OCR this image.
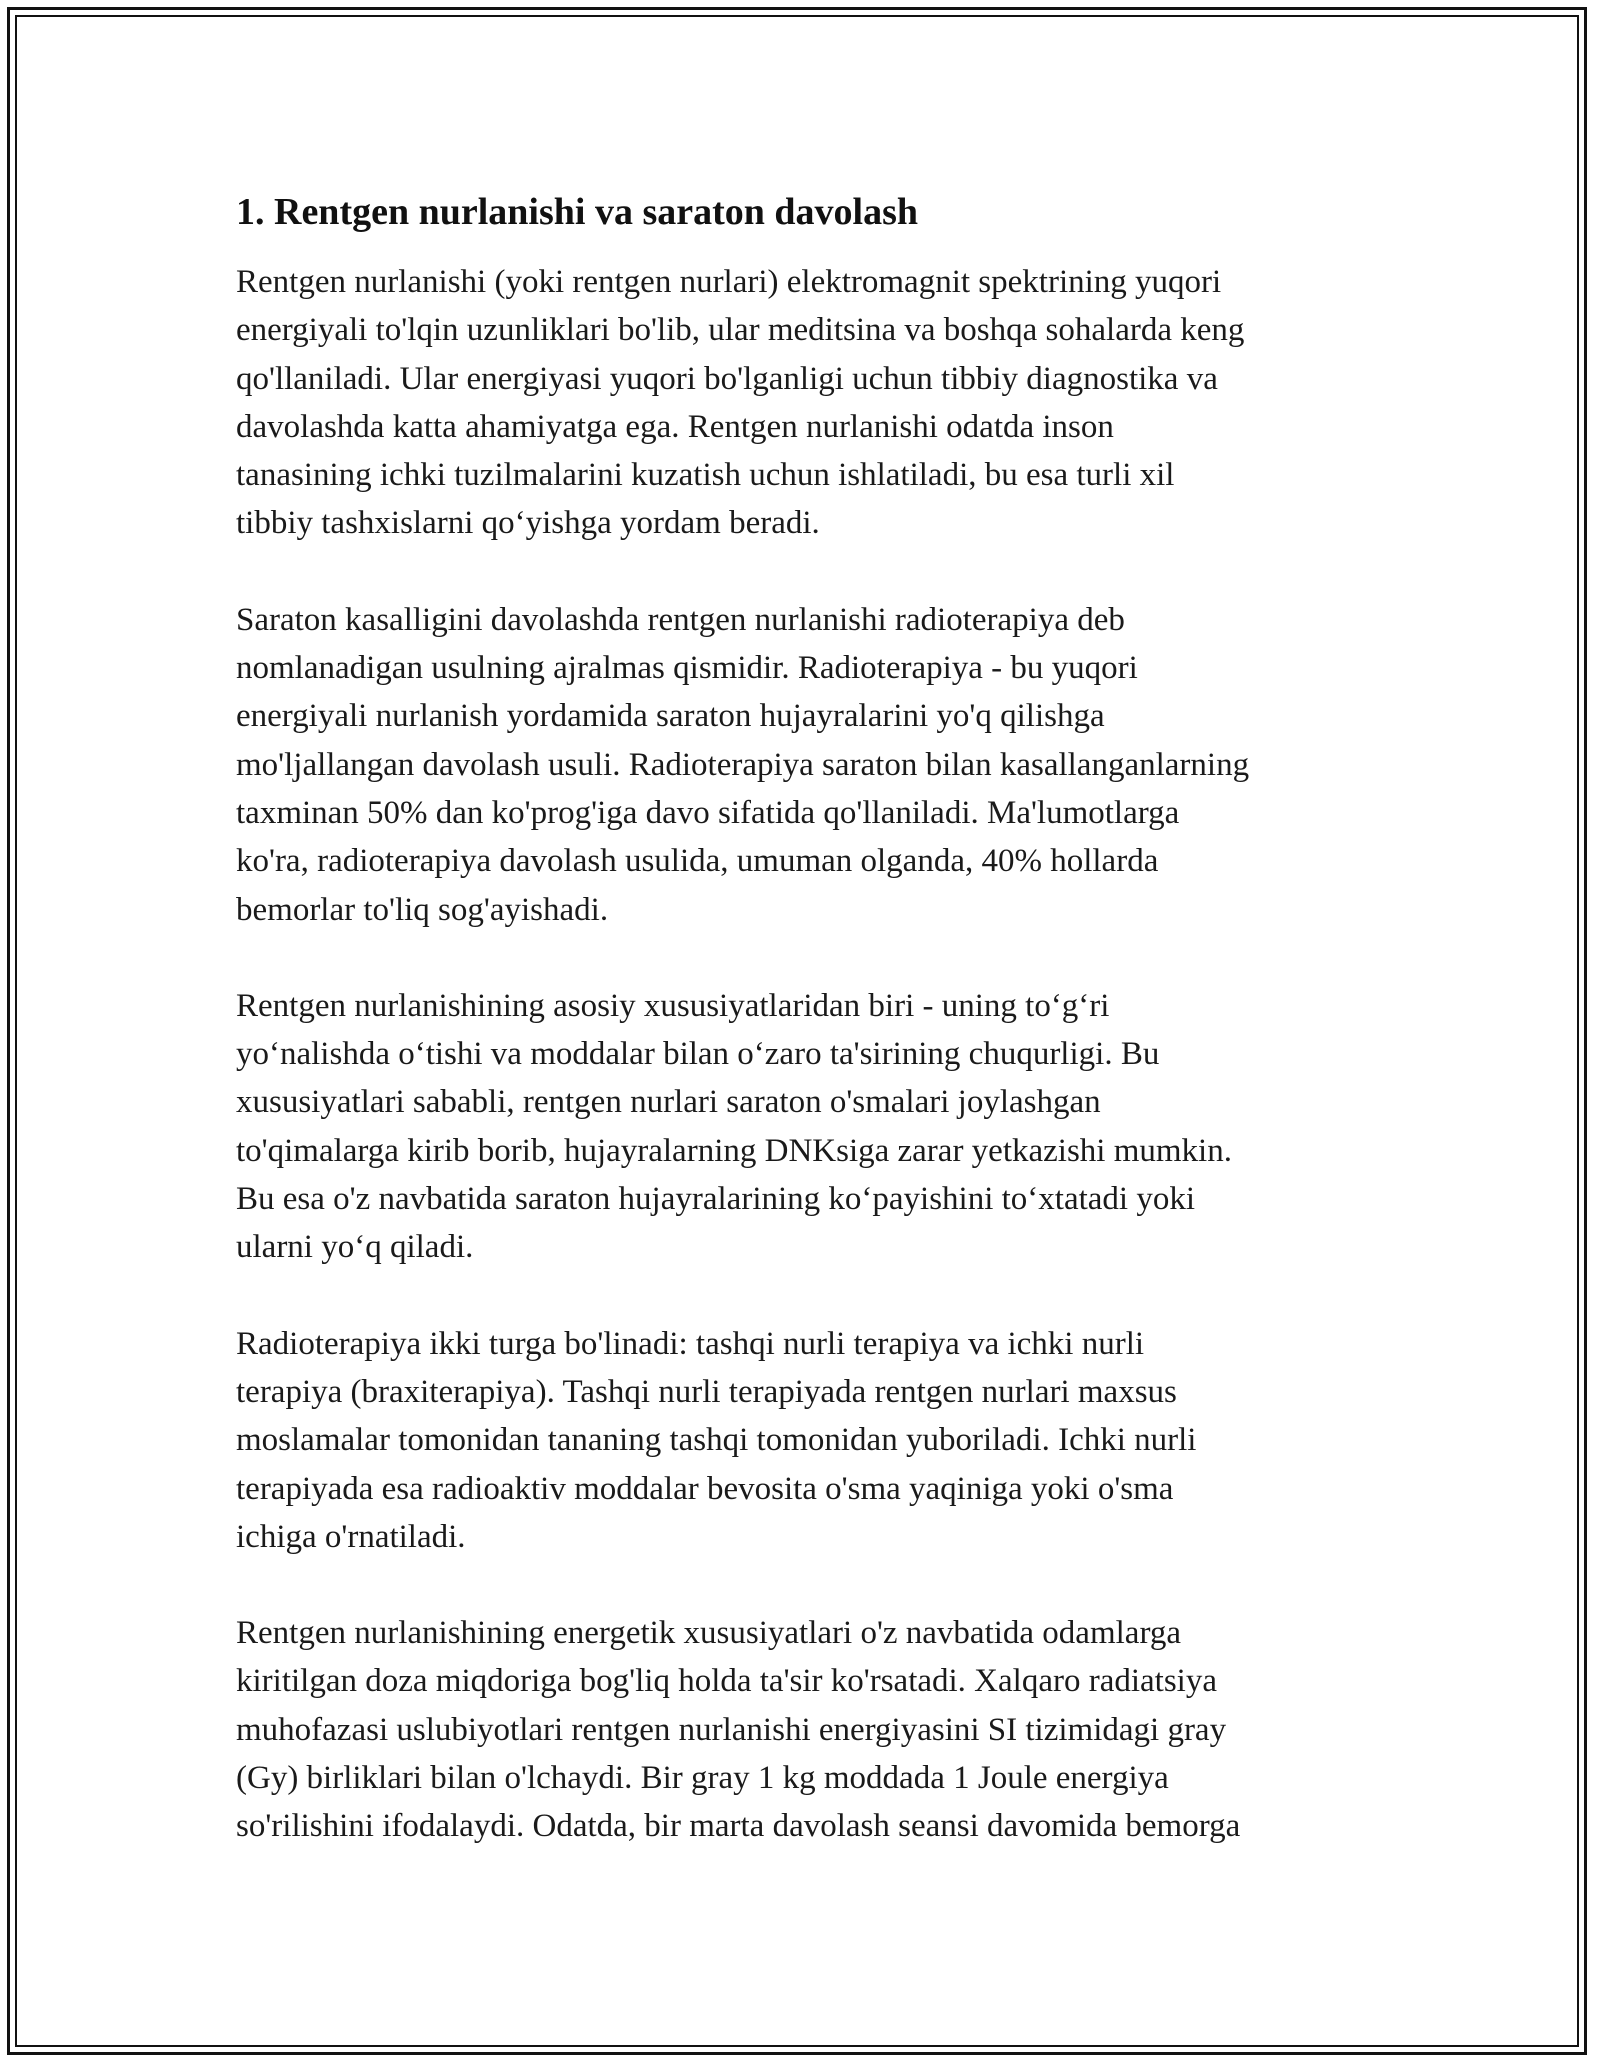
1. Rentgen nurlanishi va saraton davolash

Rentgen nurlanishi (yoki rentgen nurlari) elektromagnit spektrining yuqori
energiyali to'lqin uzunliklari bo'lib, ular meditsina va boshqa sohalarda keng
qo'llaniladi. Ular energiyasi yuqori bo'lganligi uchun tibbiy diagnostika va
davolashda katta ahamiyatga ega. Rentgen nurlanishi odatda inson
tanasining ichki tuzilmalarini kuzatish uchun ishlatiladi, bu esa turli xil
tibbiy tashxislarni qo‘yishga yordam beradi.

Saraton kasalligini davolashda rentgen nurlanishi radioterapiya deb
nomlanadigan usulning ajralmas qismidir. Radioterapiya - bu yuqori
energiyali nurlanish yordamida saraton hujayralarini yo'q qilishga
mo'ljallangan davolash usuli. Radioterapiya saraton bilan kasallanganlarning
taxminan 50% dan ko'prog'iga davo sifatida qo'llaniladi. Ma'lumotlarga
ko'ra, radioterapiya davolash usulida, umuman olganda, 40% hollarda
bemorlar to'liq sog'ayishadi.

Rentgen nurlanishining asosiy xususiyatlaridan biri - uning to‘g‘ri
yo‘nalishda o‘tishi va moddalar bilan o‘zaro ta'sirining chuqurligi. Bu
xususiyatlari sababli, rentgen nurlari saraton o'smalari joylashgan
to'qimalarga kirib borib, hujayralarning DNKsiga zarar yetkazishi mumkin.
Bu esa o'z navbatida saraton hujayralarining ko‘payishini to‘xtatadi yoki
ularni yo‘q qiladi.

Radioterapiya ikki turga bo'linadi: tashqi nurli terapiya va ichki nurli
terapiya (braxiterapiya). Tashqi nurli terapiyada rentgen nurlari maxsus
moslamalar tomonidan tananing tashqi tomonidan yuboriladi. Ichki nurli
terapiyada esa radioaktiv moddalar bevosita o'sma yaqiniga yoki o'sma
ichiga o'rnatiladi.

Rentgen nurlanishining energetik xususiyatlari o'z navbatida odamlarga
kiritilgan doza miqdoriga bog'liq holda ta'sir ko'rsatadi. Xalqaro radiatsiya
muhofazasi uslubiyotlari rentgen nurlanishi energiyasini SI tizimidagi gray
(Gy) birliklari bilan o'lchaydi. Bir gray 1 kg moddada 1 Joule energiya
so'rilishini ifodalaydi. Odatda, bir marta davolash seansi davomida bemorga
